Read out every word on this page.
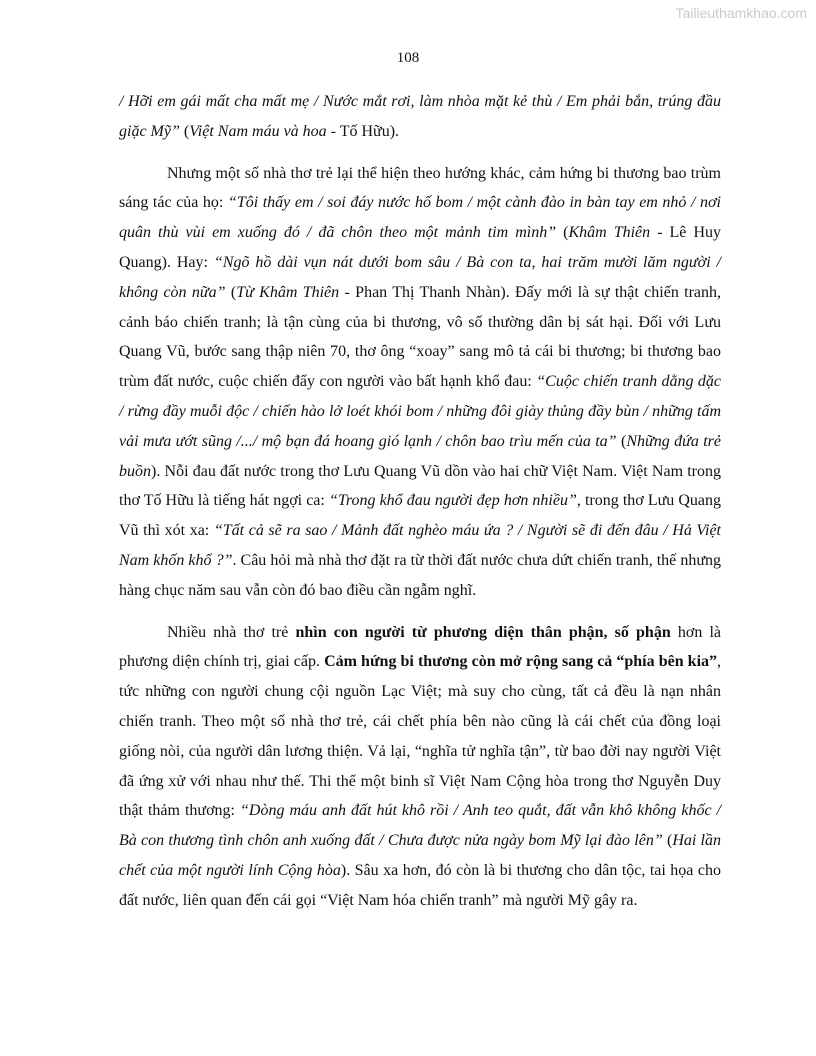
Tailieuthamkhao.com
108

/ Hỡi em gái mất cha mất mẹ / Nước mắt rơi, làm nhòa mặt kẻ thù / Em phải bắn, trúng đầu giặc Mỹ” (Việt Nam máu và hoa - Tố Hữu).

Nhưng một số nhà thơ trẻ lại thể hiện theo hướng khác, cảm hứng bi thương bao trùm sáng tác của họ: “Tôi thấy em / soi đáy nước hố bom / một cành đào in bàn tay em nhỏ / nơi quân thù vùi em xuống đó / đã chôn theo một mảnh tim mình” (Khâm Thiên - Lê Huy Quang). Hay: “Ngõ hồ dài vụn nát dưới bom sâu / Bà con ta, hai trăm mười lăm người / không còn nữa” (Từ Khâm Thiên - Phan Thị Thanh Nhàn). Đấy mới là sự thật chiến tranh, cảnh báo chiến tranh; là tận cùng của bi thương, vô số thường dân bị sát hại. Đối với Lưu Quang Vũ, bước sang thập niên 70, thơ ông “xoay” sang mô tả cái bi thương; bi thương bao trùm đất nước, cuộc chiến đẩy con người vào bất hạnh khổ đau: “Cuộc chiến tranh dằng dặc / rừng đầy muỗi độc / chiến hào lở loét khói bom / những đôi giày thủng đầy bùn / những tấm vải mưa ướt sũng /.../ mộ bạn đá hoang gió lạnh / chôn bao trìu mến của ta” (Những đứa trẻ buồn). Nỗi đau đất nước trong thơ Lưu Quang Vũ dồn vào hai chữ Việt Nam. Việt Nam trong thơ Tố Hữu là tiếng hát ngợi ca: “Trong khổ đau người đẹp hơn nhiều”, trong thơ Lưu Quang Vũ thì xót xa: “Tất cả sẽ ra sao / Mảnh đất nghèo máu ứa ? / Người sẽ đi đến đâu / Hả Việt Nam khốn khổ ?”. Câu hỏi mà nhà thơ đặt ra từ thời đất nước chưa dứt chiến tranh, thế nhưng hàng chục năm sau vẫn còn đó bao điều cần ngẫm nghĩ.

Nhiều nhà thơ trẻ nhìn con người từ phương diện thân phận, số phận hơn là phương diện chính trị, giai cấp. Cảm hứng bi thương còn mở rộng sang cả “phía bên kia”, tức những con người chung cội nguồn Lạc Việt; mà suy cho cùng, tất cả đều là nạn nhân chiến tranh. Theo một số nhà thơ trẻ, cái chết phía bên nào cũng là cái chết của đồng loại giống nòi, của người dân lương thiện. Vả lại, “nghĩa tử nghĩa tận”, từ bao đời nay người Việt đã ứng xử với nhau như thế. Thi thể một binh sĩ Việt Nam Cộng hòa trong thơ Nguyễn Duy thật thảm thương: “Dòng máu anh đất hút khô rồi / Anh teo quắt, đất vẫn khô không khốc / Bà con thương tình chôn anh xuống đất / Chưa được nửa ngày bom Mỹ lại đào lên” (Hai lần chết của một người lính Cộng hòa). Sâu xa hơn, đó còn là bi thương cho dân tộc, tai họa cho đất nước, liên quan đến cái gọi “Việt Nam hóa chiến tranh” mà người Mỹ gây ra.
